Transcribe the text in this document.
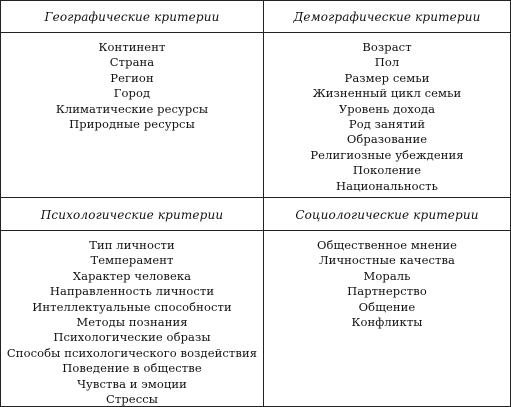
Географические критерии
Континент
Страна
Регион
Город
Климатические ресурсы
Природные ресурсы
Демографические критерии
Возраст
Пол
Размер семьи
Жизненный цикл семьи
Уровень дохода
Род занятий
Образование
Религиозные убеждения
Поколение
Национальность
Психологические критерии
Тип личности
Темперамент
Характер человека
Направленность личности
Интеллектуальные способности
Методы познания
Психологические образы
Способы психологического воздействия
Поведение в обществе
Чувства и эмоции
Стрессы
Социологические критерии
Общественное мнение
Личностные качества
Мораль
Партнерство
Общение
Конфликты
